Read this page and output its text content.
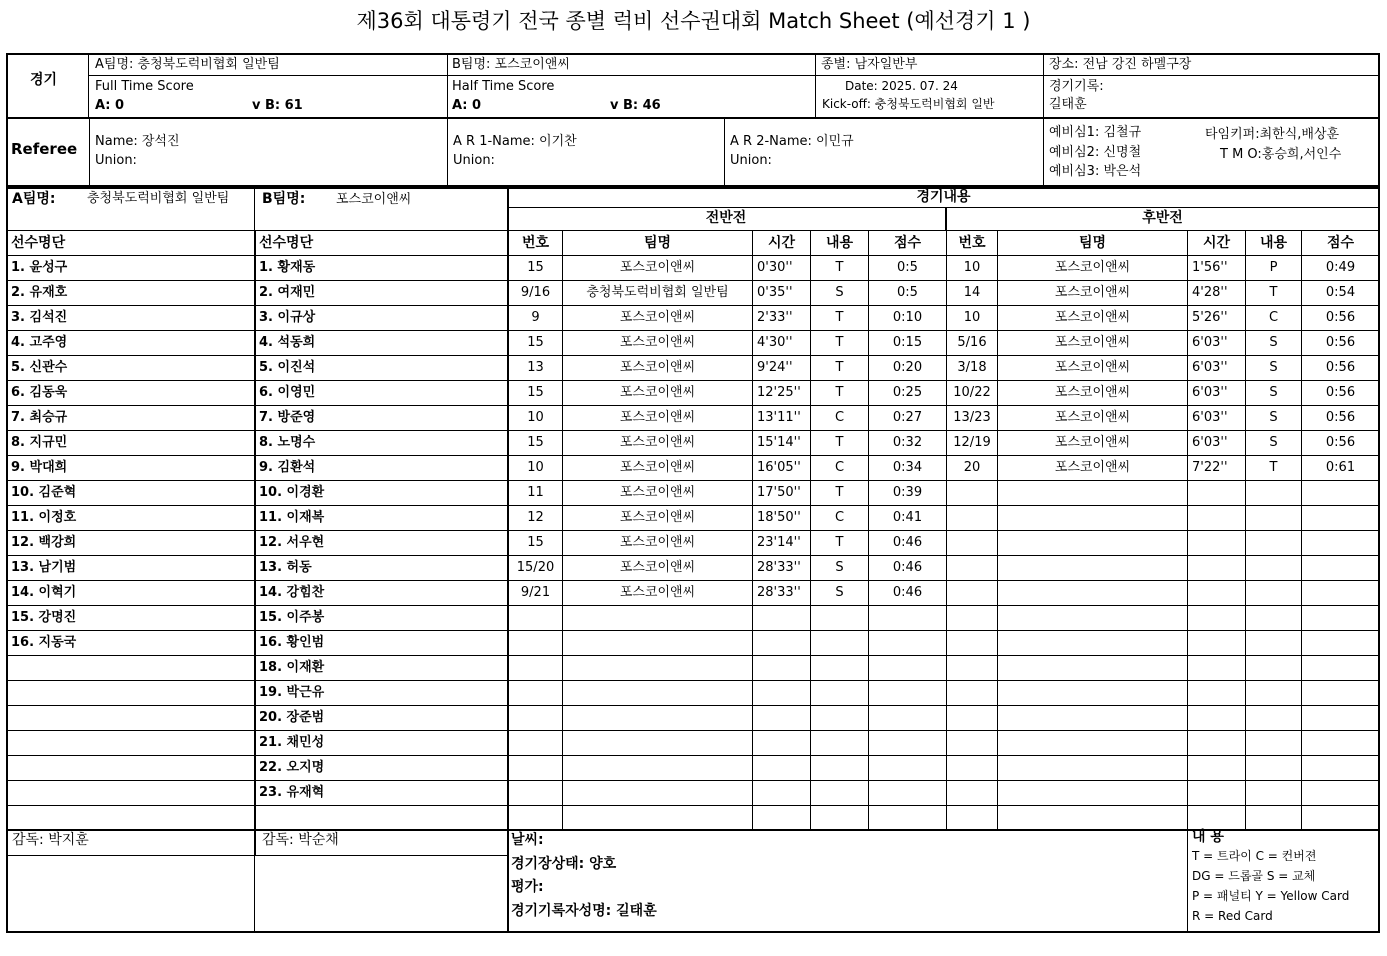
제36회 대통령기 전국 종별 럭비 선수권대회 Match Sheet (예선경기 1 )
경기
A팀명: 충청북도럭비협회 일반팀	B팀명: 포스코이앤씨	종별: 남자일반부	장소: 전남 강진 하멜구장
Full Time Score
A: 0	v B: 61
Half Time Score
A: 0	v B: 46
Date: 2025. 07. 24
Kick-off: 충청북도럭비협회 일반
경기기록:
길태훈
Referee Name: 장석진
Union:
A R 1-Name: 이기찬
Union:
A R 2-Name: 이민규
Union:
예비심1: 김철규
예비심2: 신명철
예비심3: 박은석
타임키퍼:최한식,배상훈
T M O:홍승희,서인수
A팀명: 충청북도럭비협회 일반팀	B팀명: 포스코이앤씨	경기내용
전반전	후반전
선수명단
1. 윤성구
2. 유재호
3. 김석진
4. 고주영
5. 신관수
6. 김동욱
7. 최승규
8. 지규민
9. 박대희
10. 김준혁
11. 이정호
12. 백강희
13. 남기범
14. 이혁기
15. 강명진
16. 지동국

선수명단
1. 황재동
2. 여재민
3. 이규상
4. 석동희
5. 이진석
6. 이영민
7. 방준영
8. 노명수
9. 김환석
10. 이경환
11. 이재복
12. 서우현
13. 허동
14. 강힘찬
15. 이주봉
16. 황인범
18. 이재환
19. 박근유
20. 장준범
21. 채민성
22. 오지명
23. 유재혁

번호	팀명	시간	내용	점수
15	포스코이앤씨	0'30''	T	0:5
9/16	충청북도럭비협회 일반팀	0'35''	S	0:5
9	포스코이앤씨	2'33''	T	0:10
15	포스코이앤씨	4'30''	T	0:15
13	포스코이앤씨	9'24''	T	0:20
15	포스코이앤씨	12'25''	T	0:25
10	포스코이앤씨	13'11''	C	0:27
15	포스코이앤씨	15'14''	T	0:32
10	포스코이앤씨	16'05''	C	0:34
11	포스코이앤씨	17'50''	T	0:39
12	포스코이앤씨	18'50''	C	0:41
15	포스코이앤씨	23'14''	T	0:46
15/20	포스코이앤씨	28'33''	S	0:46
9/21	포스코이앤씨	28'33''	S	0:46

번호	팀명	시간	내용	점수
10	포스코이앤씨	1'56''	P	0:49
14	포스코이앤씨	4'28''	T	0:54
10	포스코이앤씨	5'26''	C	0:56
5/16	포스코이앤씨	6'03''	S	0:56
3/18	포스코이앤씨	6'03''	S	0:56
10/22	포스코이앤씨	6'03''	S	0:56
13/23	포스코이앤씨	6'03''	S	0:56
12/19	포스코이앤씨	6'03''	S	0:56
20	포스코이앤씨	7'22''	T	0:61

감독: 박지훈	감독: 박순채	날씨:
경기장상태: 양호
평가:
경기기록자성명: 길태훈
내 용
T = 트라이 C = 컨버젼
DG = 드롭골 S = 교체
P = 패널티 Y = Yellow Card
R = Red Card
